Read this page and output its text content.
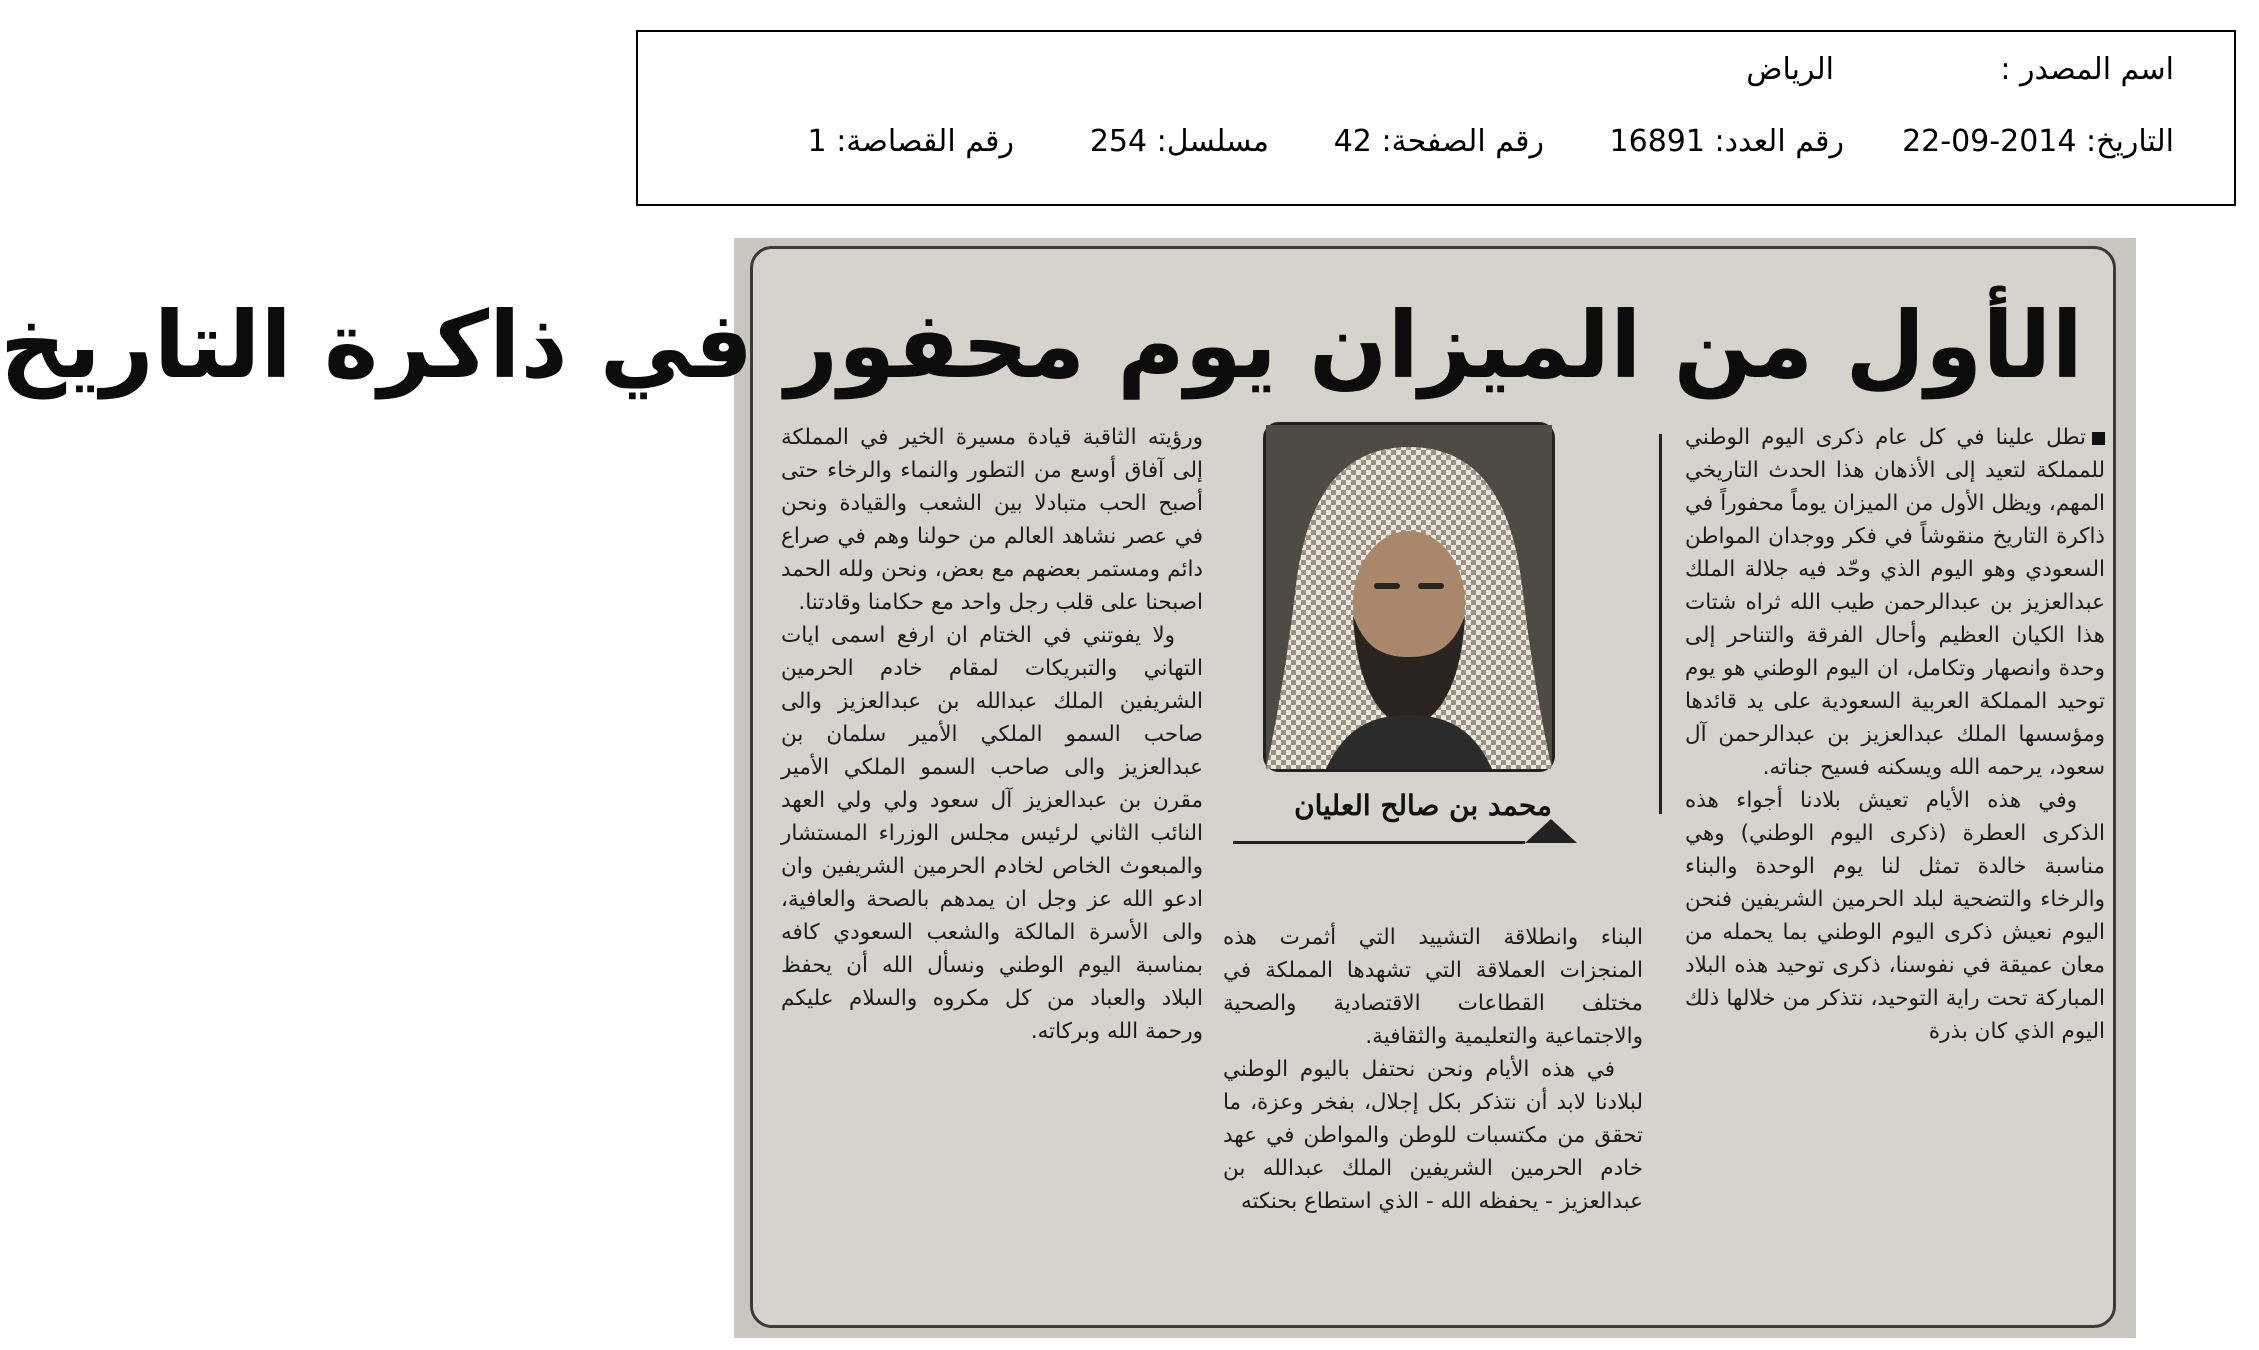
اسم المصدر :
الرياض
التاريخ: 2014-09-22
رقم العدد: 16891
رقم الصفحة: 42
مسلسل: 254
رقم القصاصة: 1
الأول من الميزان يوم محفور في ذاكرة التاريخ

تطل علينا في كل عام ذكرى اليوم الوطني للمملكة لتعيد إلى الأذهان هذا الحدث التاريخي المهم، ويظل الأول من الميزان يوماً محفوراً في ذاكرة التاريخ منقوشاً في فكر ووجدان المواطن السعودي وهو اليوم الذي وحّد فيه جلالة الملك عبدالعزيز بن عبدالرحمن طيب الله ثراه شتات هذا الكيان العظيم وأحال الفرقة والتناحر إلى وحدة وانصهار وتكامل، ان اليوم الوطني هو يوم توحيد المملكة العربية السعودية على يد قائدها ومؤسسها الملك عبدالعزيز بن عبدالرحمن آل سعود، يرحمه الله ويسكنه فسيح جناته.

وفي هذه الأيام تعيش بلادنا أجواء هذه الذكرى العطرة (ذكرى اليوم الوطني) وهي مناسبة خالدة تمثل لنا يوم الوحدة والبناء والرخاء والتضحية لبلد الحرمين الشريفين فنحن اليوم نعيش ذكرى اليوم الوطني بما يحمله من معان عميقة في نفوسنا، ذكرى توحيد هذه البلاد المباركة تحت راية التوحيد، نتذكر من خلالها ذلك اليوم الذي كان بذرة

محمد بن صالح العليان

البناء وانطلاقة التشييد التي أثمرت هذه المنجزات العملاقة التي تشهدها المملكة في مختلف القطاعات الاقتصادية والصحية والاجتماعية والتعليمية والثقافية.

في هذه الأيام ونحن نحتفل باليوم الوطني لبلادنا لابد أن نتذكر بكل إجلال، بفخر وعزة، ما تحقق من مكتسبات للوطن والمواطن في عهد خادم الحرمين الشريفين الملك عبدالله بن عبدالعزيز - يحفظه الله - الذي استطاع بحنكته

ورؤيته الثاقبة قيادة مسيرة الخير في المملكة إلى آفاق أوسع من التطور والنماء والرخاء حتى أصبح الحب متبادلا بين الشعب والقيادة ونحن في عصر نشاهد العالم من حولنا وهم في صراع دائم ومستمر بعضهم مع بعض، ونحن ولله الحمد اصبحنا على قلب رجل واحد مع حكامنا وقادتنا.

ولا يفوتني في الختام ان ارفع اسمى ايات التهاني والتبريكات لمقام خادم الحرمين الشريفين الملك عبدالله بن عبدالعزيز والى صاحب السمو الملكي الأمير سلمان بن عبدالعزيز والى صاحب السمو الملكي الأمير مقرن بن عبدالعزيز آل سعود ولي ولي العهد النائب الثاني لرئيس مجلس الوزراء المستشار والمبعوث الخاص لخادم الحرمين الشريفين وان ادعو الله عز وجل ان يمدهم بالصحة والعافية، والى الأسرة المالكة والشعب السعودي كافه بمناسبة اليوم الوطني ونسأل الله أن يحفظ البلاد والعباد من كل مكروه والسلام عليكم ورحمة الله وبركاته.
